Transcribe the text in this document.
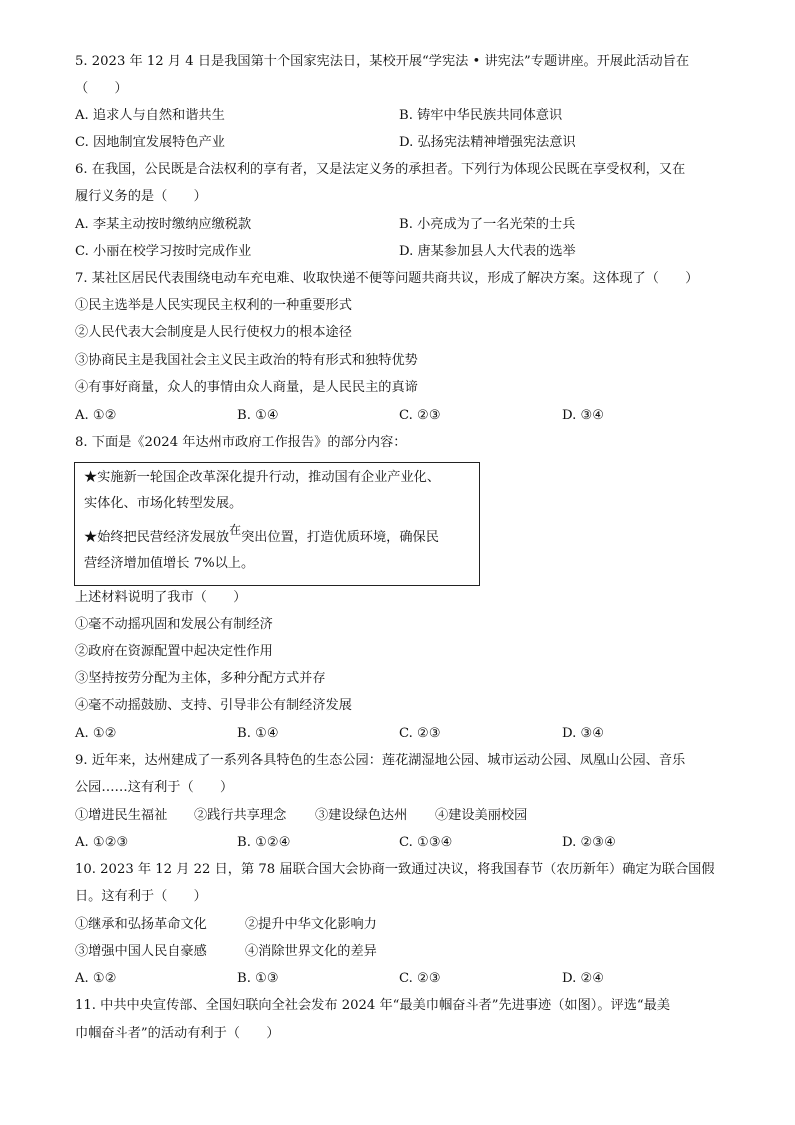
5. 2023 年 12 月 4 日是我国第十个国家宪法日，某校开展“学宪法 • 讲宪法”专题讲座。开展此活动旨在
（　　）
A. 追求人与自然和谐共生	B. 铸牢中华民族共同体意识
C. 因地制宜发展特色产业	D. 弘扬宪法精神增强宪法意识
6. 在我国，公民既是合法权利的享有者，又是法定义务的承担者。下列行为体现公民既在享受权利，又在
履行义务的是（　　）
A. 李某主动按时缴纳应缴税款	B. 小亮成为了一名光荣的士兵
C. 小丽在校学习按时完成作业	D. 唐某参加县人大代表的选举
7. 某社区居民代表围绕电动车充电难、收取快递不便等问题共商共议，形成了解决方案。这体现了（　　）
①民主选举是人民实现民主权利的一种重要形式
②人民代表大会制度是人民行使权力的根本途径
③协商民主是我国社会主义民主政治的特有形式和独特优势
④有事好商量，众人的事情由众人商量，是人民民主的真谛
A. ①②	B. ①④	C. ②③	D. ③④
8. 下面是《2024 年达州市政府工作报告》的部分内容：
★实施新一轮国企改革深化提升行动，推动国有企业产业化、
实体化、市场化转型发展。
★始终把民营经济发展放在突出位置，打造优质环境，确保民
营经济增加值增长 7%以上。
上述材料说明了我市（　　）
①毫不动摇巩固和发展公有制经济
②政府在资源配置中起决定性作用
③坚持按劳分配为主体，多种分配方式并存
④毫不动摇鼓励、支持、引导非公有制经济发展
A. ①②	B. ①④	C. ②③	D. ③④
9. 近年来，达州建成了一系列各具特色的生态公园：莲花湖湿地公园、城市运动公园、凤凰山公园、音乐
公园……这有利于（　　）
①增进民生福祉 ②践行共享理念 ③建设绿色达州 ④建设美丽校园
A. ①②③	B. ①②④	C. ①③④	D. ②③④
10. 2023 年 12 月 22 日，第 78 届联合国大会协商一致通过决议，将我国春节（农历新年）确定为联合国假
日。这有利于（　　）
①继承和弘扬革命文化	②提升中华文化影响力
③增强中国人民自豪感	④消除世界文化的差异
A. ①②	B. ①③	C. ②③	D. ②④
11. 中共中央宣传部、全国妇联向全社会发布 2024 年“最美巾帼奋斗者”先进事迹（如图）。评选“最美
巾帼奋斗者”的活动有利于（　　）
